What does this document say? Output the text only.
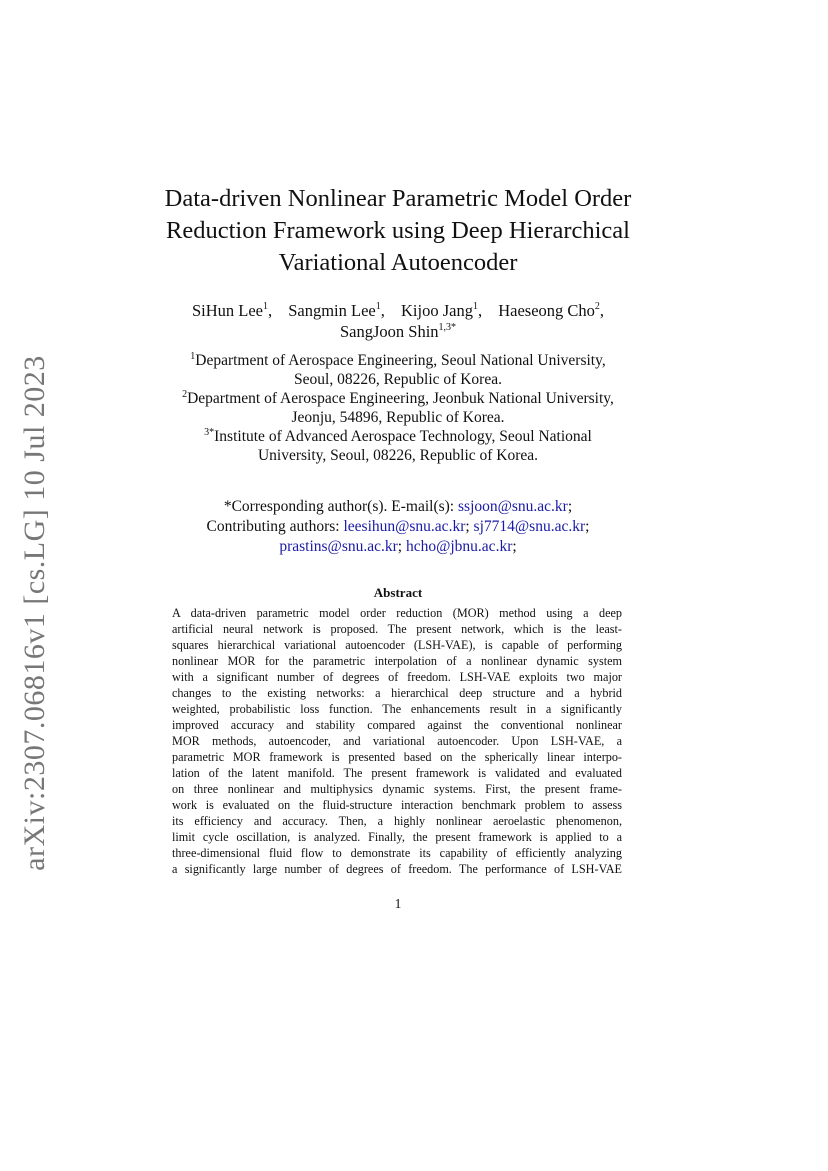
arXiv:2307.06816v1 [cs.LG] 10 Jul 2023
Data-driven Nonlinear Parametric Model Order
Reduction Framework using Deep Hierarchical
Variational Autoencoder
SiHun Lee$^1$, Sangmin Lee$^1$, Kijoo Jang$^1$, Haeseong Cho$^2$,
SangJoon Shin$^{1,3*}$
$^1$Department of Aerospace Engineering, Seoul National University,
Seoul, 08226, Republic of Korea.
$^2$Department of Aerospace Engineering, Jeonbuk National University,
Jeonju, 54896, Republic of Korea.
$^{3*}$Institute of Advanced Aerospace Technology, Seoul National
University, Seoul, 08226, Republic of Korea.
*Corresponding author(s). E-mail(s): ssjoon@snu.ac.kr;
Contributing authors: leesihun@snu.ac.kr; sj7714@snu.ac.kr;
prastins@snu.ac.kr; hcho@jbnu.ac.kr;
Abstract
A data-driven parametric model order reduction (MOR) method using a deep
artificial neural network is proposed. The present network, which is the least-
squares hierarchical variational autoencoder (LSH-VAE), is capable of performing
nonlinear MOR for the parametric interpolation of a nonlinear dynamic system
with a significant number of degrees of freedom. LSH-VAE exploits two major
changes to the existing networks: a hierarchical deep structure and a hybrid
weighted, probabilistic loss function. The enhancements result in a significantly
improved accuracy and stability compared against the conventional nonlinear
MOR methods, autoencoder, and variational autoencoder. Upon LSH-VAE, a
parametric MOR framework is presented based on the spherically linear interpo-
lation of the latent manifold. The present framework is validated and evaluated
on three nonlinear and multiphysics dynamic systems. First, the present frame-
work is evaluated on the fluid-structure interaction benchmark problem to assess
its efficiency and accuracy. Then, a highly nonlinear aeroelastic phenomenon,
limit cycle oscillation, is analyzed. Finally, the present framework is applied to a
three-dimensional fluid flow to demonstrate its capability of efficiently analyzing
a significantly large number of degrees of freedom. The performance of LSH-VAE
1
